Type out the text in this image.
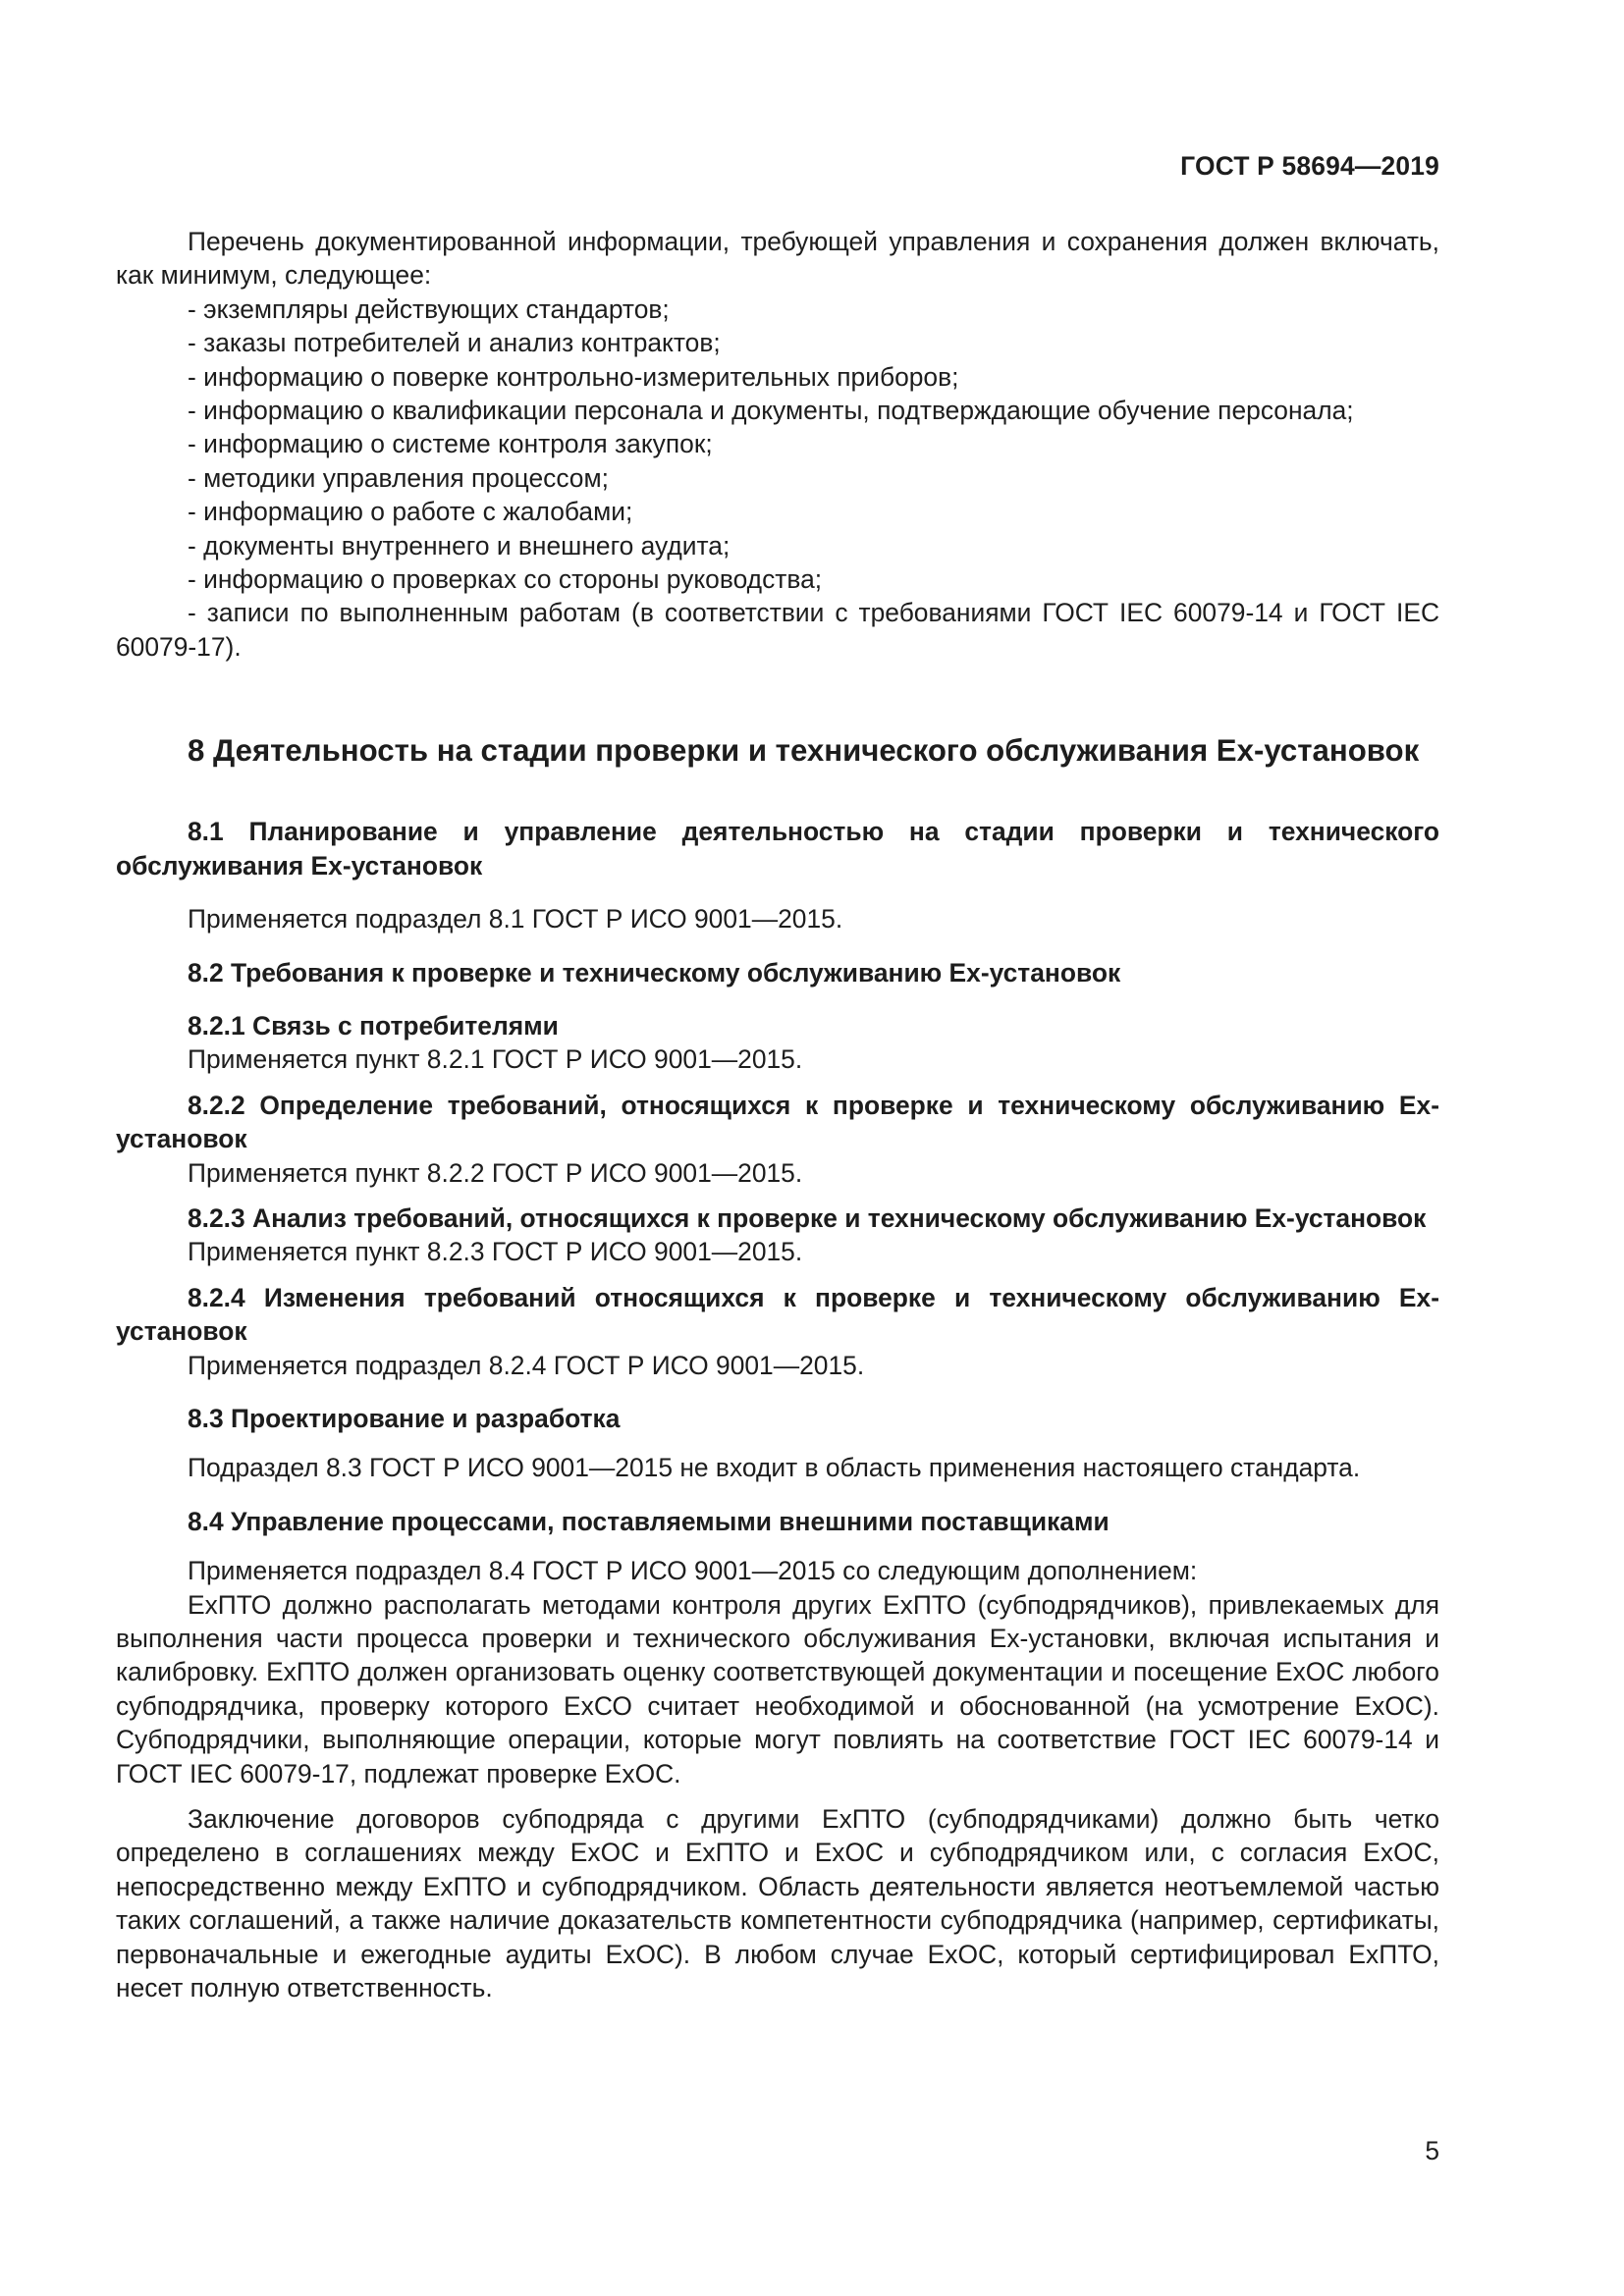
ГОСТ Р 58694—2019

Перечень документированной информации, требующей управления и сохранения должен включать, как минимум, следующее:

- экземпляры действующих стандартов;

- заказы потребителей и анализ контрактов;

- информацию о поверке контрольно-измерительных приборов;

- информацию о квалификации персонала и документы, подтверждающие обучение персонала;

- информацию о системе контроля закупок;

- методики управления процессом;

- информацию о работе с жалобами;

- документы внутреннего и внешнего аудита;

- информацию о проверках со стороны руководства;

- записи по выполненным работам (в соответствии с требованиями ГОСТ IEC 60079-14 и ГОСТ IEC 60079-17).

8 Деятельность на стадии проверки и технического обслуживания Ех-установок

8.1 Планирование и управление деятельностью на стадии проверки и технического обслуживания Ех-установок

Применяется подраздел 8.1 ГОСТ Р ИСО 9001—2015.

8.2 Требования к проверке и техническому обслуживанию Ех-установок

8.2.1 Связь с потребителями

Применяется пункт 8.2.1 ГОСТ Р ИСО 9001—2015.

8.2.2 Определение требований, относящихся к проверке и техническому обслуживанию Ех-установок

Применяется пункт 8.2.2 ГОСТ Р ИСО 9001—2015.

8.2.3 Анализ требований, относящихся к проверке и техническому обслуживанию Ех-установок

Применяется пункт 8.2.3 ГОСТ Р ИСО 9001—2015.

8.2.4 Изменения требований относящихся к проверке и техническому обслуживанию Ех-установок

Применяется подраздел 8.2.4 ГОСТ Р ИСО 9001—2015.

8.3 Проектирование и разработка

Подраздел 8.3 ГОСТ Р ИСО 9001—2015 не входит в область применения настоящего стандарта.

8.4 Управление процессами, поставляемыми внешними поставщиками

Применяется подраздел 8.4 ГОСТ Р ИСО 9001—2015 со следующим дополнением:

ЕхПТО должно располагать методами контроля других ЕхПТО (субподрядчиков), привлекаемых для выполнения части процесса проверки и технического обслуживания Ех-установки, включая испытания и калибровку. ЕхПТО должен организовать оценку соответствующей документации и посещение ЕхОС любого субподрядчика, проверку которого ЕхСО считает необходимой и обоснованной (на усмотрение ЕхОС). Субподрядчики, выполняющие операции, которые могут повлиять на соответствие ГОСТ IEC 60079-14 и ГОСТ IEC 60079-17, подлежат проверке ЕхОС.

Заключение договоров субподряда с другими ЕхПТО (субподрядчиками) должно быть четко определено в соглашениях между ЕхОС и ЕхПТО и ЕхОС и субподрядчиком или, с согласия ЕхОС, непосредственно между ЕхПТО и субподрядчиком. Область деятельности является неотъемлемой частью таких соглашений, а также наличие доказательств компетентности субподрядчика (например, сертификаты, первоначальные и ежегодные аудиты ЕхОС). В любом случае ЕхОС, который сертифицировал ЕхПТО, несет полную ответственность.

5
